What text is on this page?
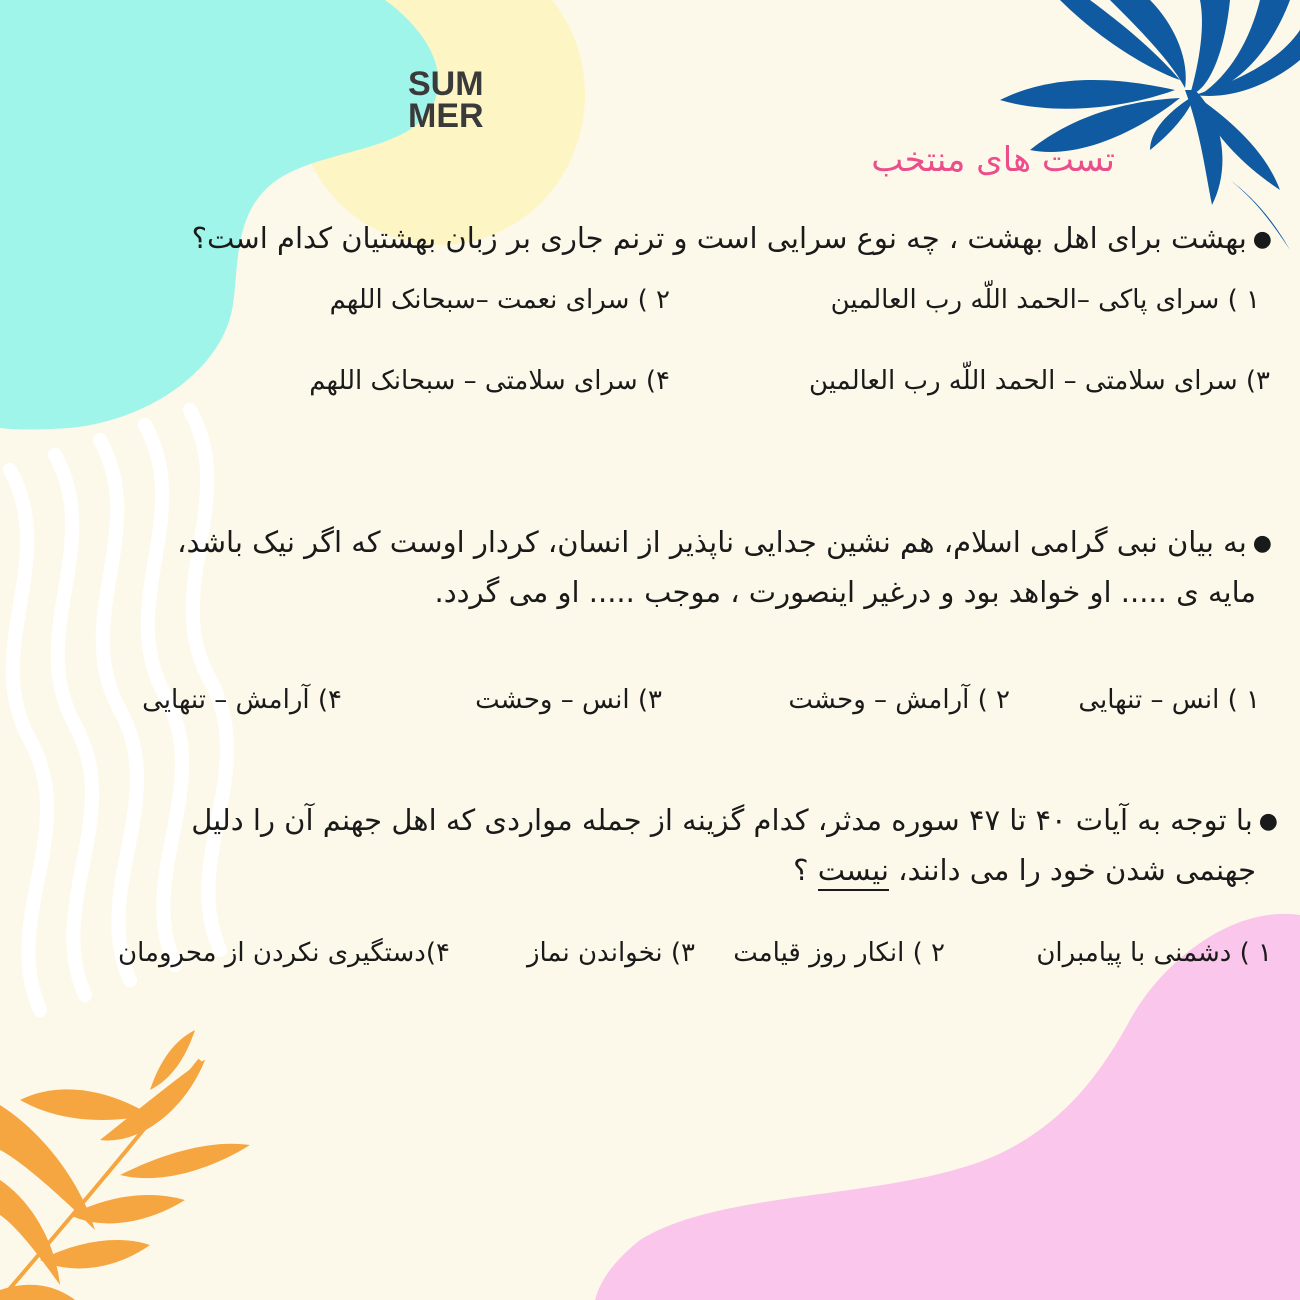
SUM
MER
تست های منتخب
●بهشت برای اهل بهشت ، چه نوع سرایی است و ترنم جاری بر زبان بهشتیان کدام است؟
۱ ) سرای پاکی –الحمد اللّه رب العالمین
۲ ) سرای نعمت –سبحانک اللهم
۳) سرای سلامتی – الحمد اللّه رب العالمین
۴) سرای سلامتی – سبحانک اللهم
●به بیان نبی گرامی اسلام، هم نشین جدایی ناپذیر از انسان، کردار اوست که اگر نیک باشد،
مایه ی ..... او خواهد بود و درغیر اینصورت ، موجب ..... او می گردد.
۱ ) انس – تنهایی
۲ ) آرامش – وحشت
۳) انس – وحشت
۴) آرامش – تنهایی
●با توجه به آیات ۴۰ تا ۴۷ سوره مدثر، کدام گزینه از جمله مواردی که اهل جهنم آن را دلیل
جهنمی شدن خود را می دانند، نیست ؟
۱ ) دشمنی با پیامبران
۲ ) انکار روز قیامت
۳) نخواندن نماز
۴)دستگیری نکردن از محرومان
